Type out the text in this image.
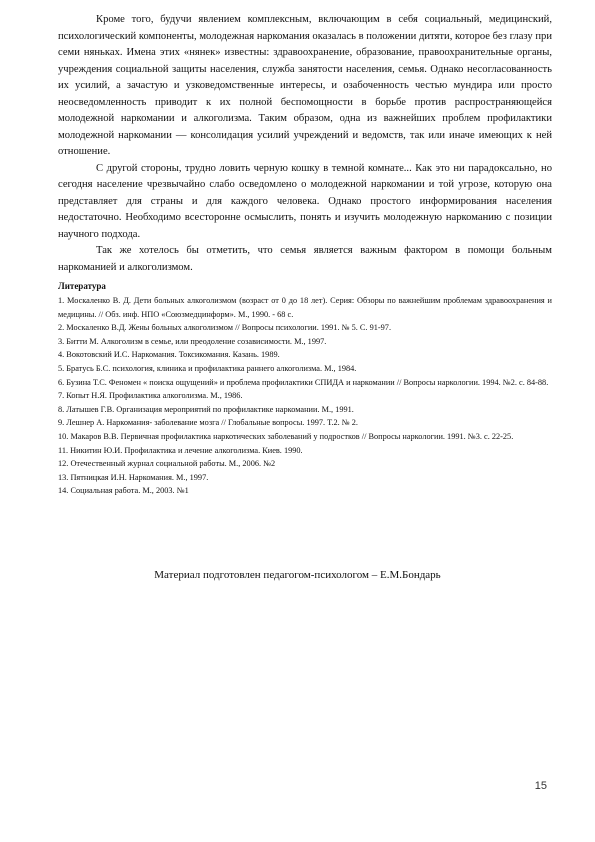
Кроме того, будучи явлением комплексным, включающим в себя социальный, медицинский, психологический компоненты, молодежная наркомания оказалась в положении дитяти, которое без глазу при семи няньках. Имена этих «нянек» известны: здравоохранение, образование, правоохранительные органы, учреждения социальной защиты населения, служба занятости населения, семья. Однако несогласованность их усилий, а зачастую и узковедомственные интересы, и озабоченность честью мундира или просто неосведомленность приводит к их полной беспомощности в борьбе против распространяющейся молодежной наркомании и алкоголизма. Таким образом, одна из важнейших проблем профилактики молодежной наркомании — консолидация усилий учреждений и ведомств, так или иначе имеющих к ней отношение.

С другой стороны, трудно ловить черную кошку в темной комнате... Как это ни парадоксально, но сегодня население чрезвычайно слабо осведомлено о молодежной наркомании и той угрозе, которую она представляет для страны и для каждого человека. Однако простого информирования населения недостаточно. Необходимо всесторонне осмыслить, понять и изучить молодежную наркоманию с позиции научного подхода.

Так же хотелось бы отметить, что семья является важным фактором в помощи больным наркоманией и алкоголизмом.

Литература
1. Москаленко В. Д. Дети больных алкоголизмом (возраст от 0 до 18 лет). Серия: Обзоры по важнейшим проблемам здравоохранения и медицины. // Обз. инф. НПО «Союзмедцинформ». М., 1990. - 68 с.
2. Москаленко В.Д. Жены больных алкоголизмом // Вопросы психологии. 1991. № 5. С. 91-97.
3. Битти М. Алкоголизм в семье, или преодоление созависимости. М., 1997.
4. Вокотовский И.С. Наркомания. Токсикомания. Казань. 1989.
5. Братусь Б.С. психология, клиника и профилактика раннего алкоголизма. М., 1984.
6. Бузина Т.С. Феномен « поиска ощущений» и проблема профилактики СПИДА и наркомании // Вопросы наркологии. 1994. №2. с. 84-88.
7. Копыт Н.Я. Профилактика алкоголизма. М., 1986.
8. Латышев Г.В. Организация мероприятий по профилактике наркомании. М., 1991.
9. Лешнер А. Наркомания- заболевание мозга // Глобальные вопросы. 1997. Т.2. № 2.
10. Макаров В.В. Первичная профилактика наркотических заболеваний у подростков // Вопросы наркологии. 1991. №3. с. 22-25.
11. Никитин Ю.И. Профилактика и лечение алкоголизма. Киев. 1990.
12. Отечественный журнал социальной работы. М., 2006. №2
13. Пятницкая И.Н. Наркомания. М., 1997.
14. Социальная работа. М., 2003. №1
Материал подготовлен педагогом-психологом – Е.М.Бондарь
15
